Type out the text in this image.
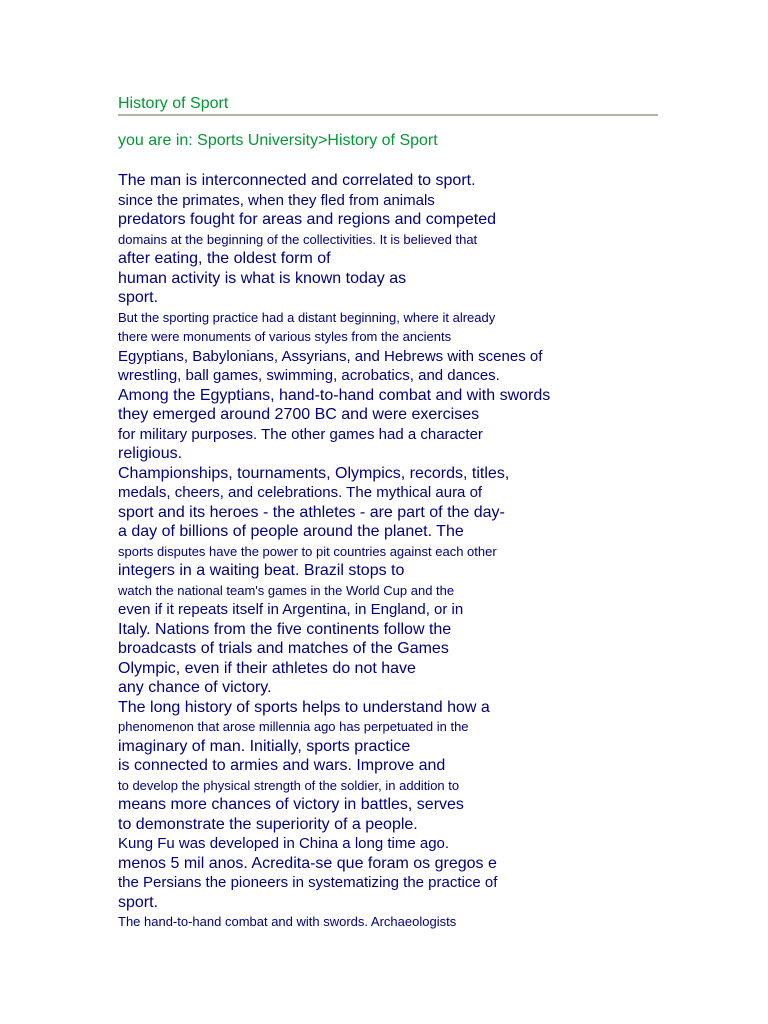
History of Sport
you are in: Sports University>History of Sport
The man is interconnected and correlated to sport.
since the primates, when they fled from animals
predators fought for areas and regions and competed
domains at the beginning of the collectivities. It is believed that
after eating, the oldest form of
human activity is what is known today as
sport.
But the sporting practice had a distant beginning, where it already
there were monuments of various styles from the ancients
Egyptians, Babylonians, Assyrians, and Hebrews with scenes of
wrestling, ball games, swimming, acrobatics, and dances.
Among the Egyptians, hand-to-hand combat and with swords
they emerged around 2700 BC and were exercises
for military purposes. The other games had a character
religious.
Championships, tournaments, Olympics, records, titles,
medals, cheers, and celebrations. The mythical aura of
sport and its heroes - the athletes - are part of the day-
a day of billions of people around the planet. The
sports disputes have the power to pit countries against each other
integers in a waiting beat. Brazil stops to
watch the national team's games in the World Cup and the
even if it repeats itself in Argentina, in England, or in
Italy. Nations from the five continents follow the
broadcasts of trials and matches of the Games
Olympic, even if their athletes do not have
any chance of victory.
The long history of sports helps to understand how a
phenomenon that arose millennia ago has perpetuated in the
imaginary of man. Initially, sports practice
is connected to armies and wars. Improve and
to develop the physical strength of the soldier, in addition to
means more chances of victory in battles, serves
to demonstrate the superiority of a people.
Kung Fu was developed in China a long time ago.
menos 5 mil anos. Acredita-se que foram os gregos e
the Persians the pioneers in systematizing the practice of
sport.
The hand-to-hand combat and with swords. Archaeologists
